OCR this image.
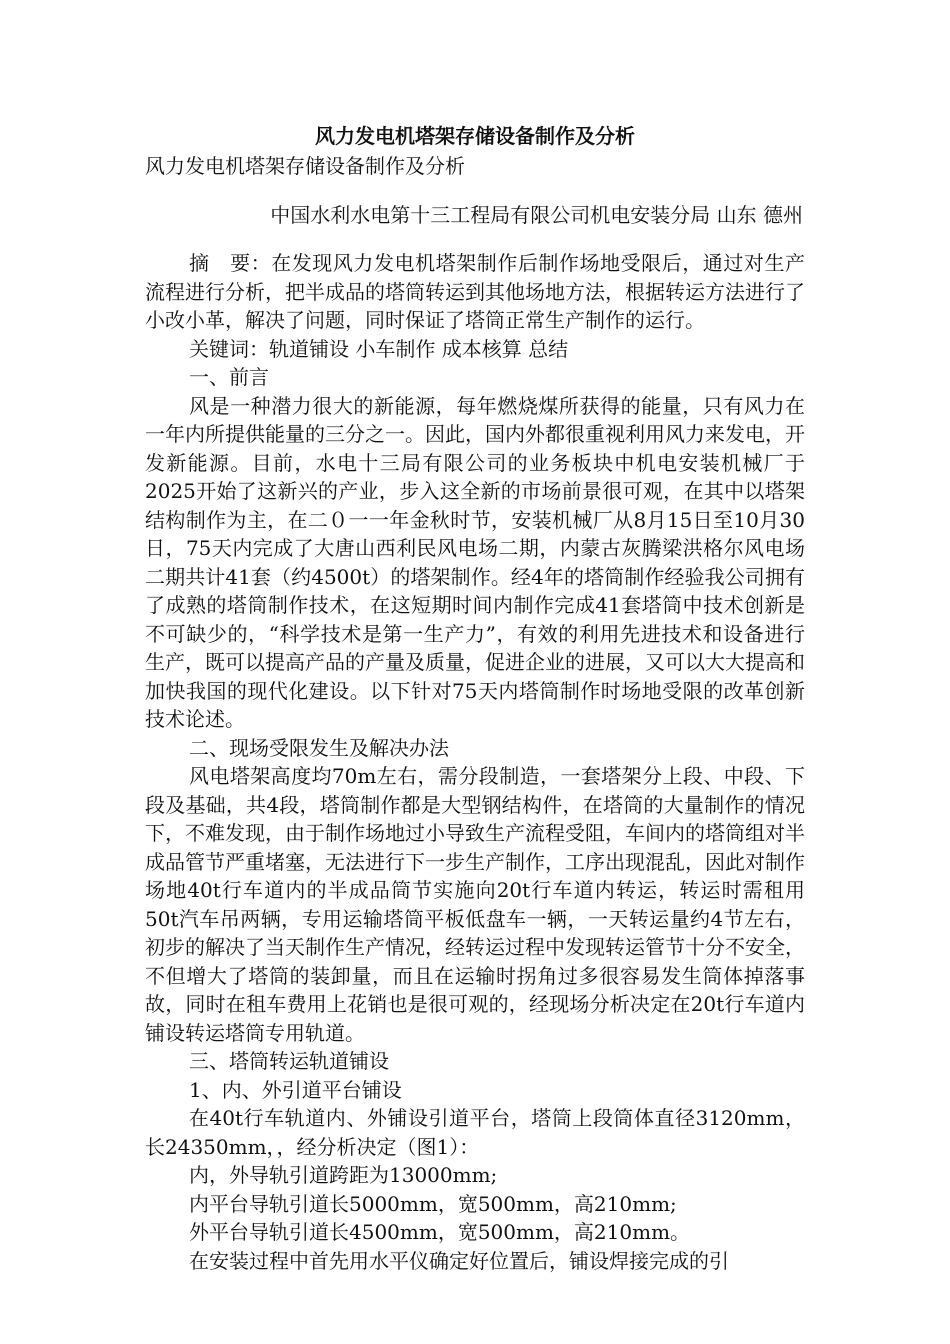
风力发电机塔架存储设备制作及分析

风力发电机塔架存储设备制作及分析

中国水利水电第十三工程局有限公司机电安装分局 山东 德州

摘　要：在发现风力发电机塔架制作后制作场地受限后，通过对生产流程进行分析，把半成品的塔筒转运到其他场地方法，根据转运方法进行了小改小革，解决了问题，同时保证了塔筒正常生产制作的运行。

关键词：轨道铺设 小车制作 成本核算 总结

一、前言

风是一种潜力很大的新能源，每年燃烧煤所获得的能量，只有风力在一年内所提供能量的三分之一。因此，国内外都很重视利用风力来发电，开发新能源。目前，水电十三局有限公司的业务板块中机电安装机械厂于2025开始了这新兴的产业，步入这全新的市场前景很可观，在其中以塔架结构制作为主，在二０一一年金秋时节，安装机械厂从8月15日至10月30日，75天内完成了大唐山西利民风电场二期，内蒙古灰腾梁洪格尔风电场二期共计41套（约4500t）的塔架制作。经4年的塔筒制作经验我公司拥有了成熟的塔筒制作技术，在这短期时间内制作完成41套塔筒中技术创新是不可缺少的，“科学技术是第一生产力”，有效的利用先进技术和设备进行生产，既可以提高产品的产量及质量，促进企业的进展，又可以大大提高和加快我国的现代化建设。以下针对75天内塔筒制作时场地受限的改革创新技术论述。

二、现场受限发生及解决办法

风电塔架高度均70m左右，需分段制造，一套塔架分上段、中段、下段及基础，共4段，塔筒制作都是大型钢结构件，在塔筒的大量制作的情况下，不难发现，由于制作场地过小导致生产流程受阻，车间内的塔筒组对半成品管节严重堵塞，无法进行下一步生产制作，工序出现混乱，因此对制作场地40t行车道内的半成品筒节实施向20t行车道内转运，转运时需租用50t汽车吊两辆，专用运输塔筒平板低盘车一辆，一天转运量约4节左右，初步的解决了当天制作生产情况，经转运过程中发现转运管节十分不安全，不但增大了塔筒的装卸量，而且在运输时拐角过多很容易发生筒体掉落事故，同时在租车费用上花销也是很可观的，经现场分析决定在20t行车道内铺设转运塔筒专用轨道。

三、塔筒转运轨道铺设

1、内、外引道平台铺设

在40t行车轨道内、外铺设引道平台，塔筒上段筒体直径3120mm，长24350mm，，经分析决定（图1）：

内，外导轨引道跨距为13000mm;

内平台导轨引道长5000mm，宽500mm，高210mm;

外平台导轨引道长4500mm，宽500mm，高210mm。

在安装过程中首先用水平仪确定好位置后，铺设焊接完成的引
